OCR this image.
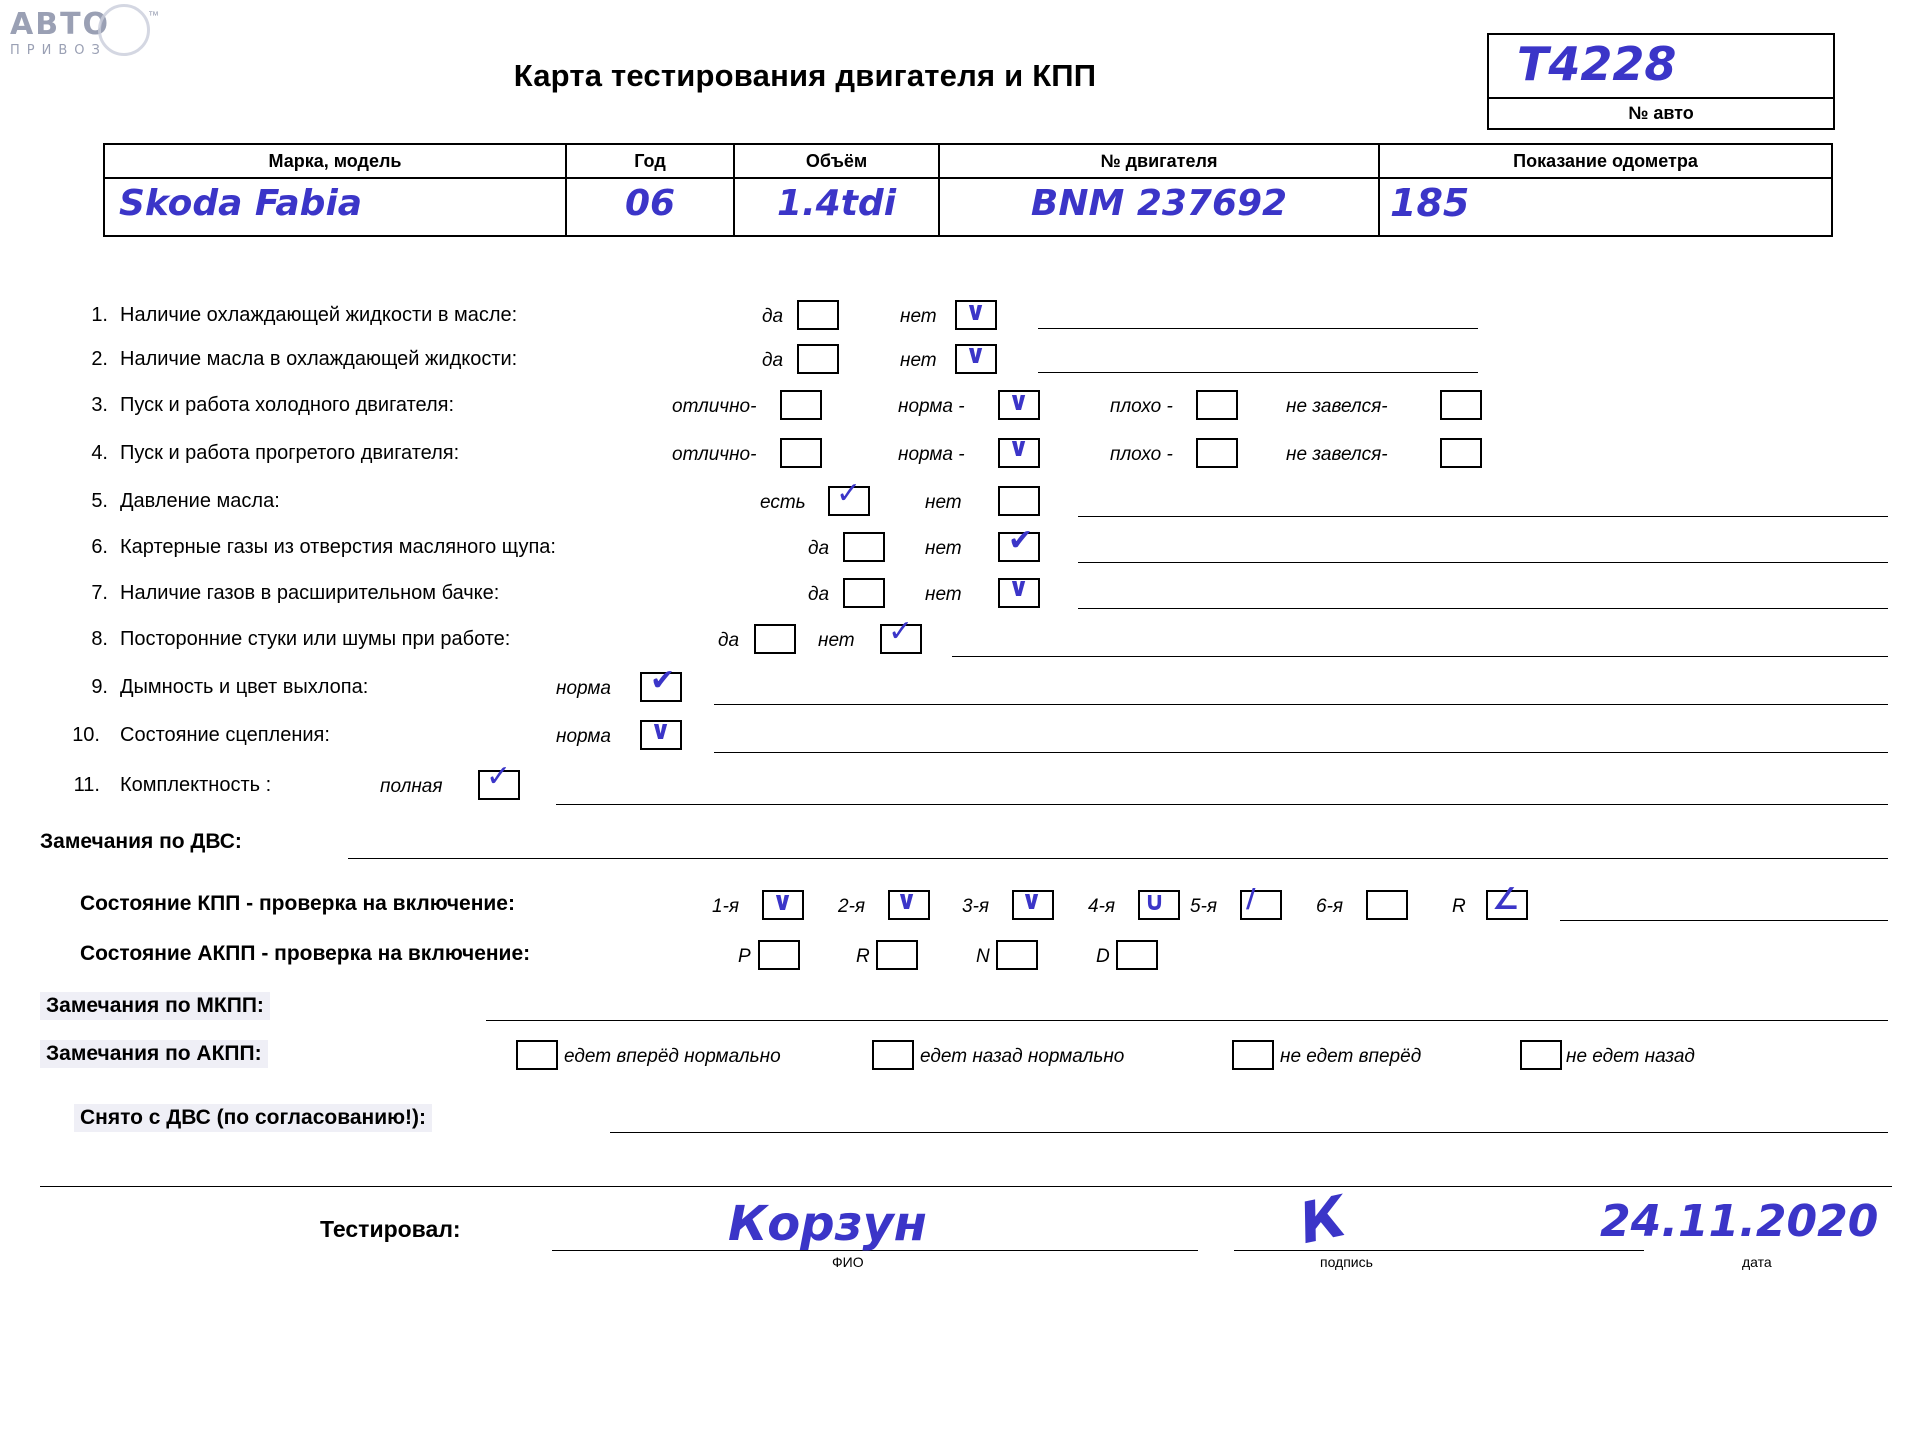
АВТО
ПРИВОЗ
™
Карта тестирования двигателя и КПП	Т4228
№ авто
Марка, модель	Год	Объём	№ двигателя	Показание одометра

Skoda Fabia	06	1.4tdi	BNM 237692	185
1. Наличие охлаждающей жидкости в масле:	да	нет ∨
2. Наличие масла в охлаждающей жидкости:	да	нет ∨
3. Пуск и работа холодного двигателя:	отлично-	норма - ∨	плохо -	не завелся-
4. Пуск и работа прогретого двигателя:	отлично-	норма - ∨	плохо -	не завелся-
5. Давление масла:	есть ✓	нет
6. Картерные газы из отверстия масляного щупа:	да	нет ✔
7. Наличие газов в расширительном бачке:	да	нет ∨
8. Посторонние стуки или шумы при работе:	да	нет ✓
9. Дымность и цвет выхлопа:	норма ✔
10. Состояние сцепления:	норма ∨
11. Комплектность :	полная ✓
Замечания по ДВС:
Состояние КПП - проверка на включение:	1-я ∨ 2-я ∨ 3-я ∨ 4-я ∪ 5-я ∕	6-я	R ∠
Состояние АКПП - проверка на включение:	P	R	N	D
Замечания по МКПП:
Замечания по АКПП:	едет вперёд нормально	едет назад нормально	не едет вперёд	не едет назад
Снято с ДВС (по согласованию!):
Тестировал:	Корзун
ФИО
К
подпись
24.11.2020
дата
